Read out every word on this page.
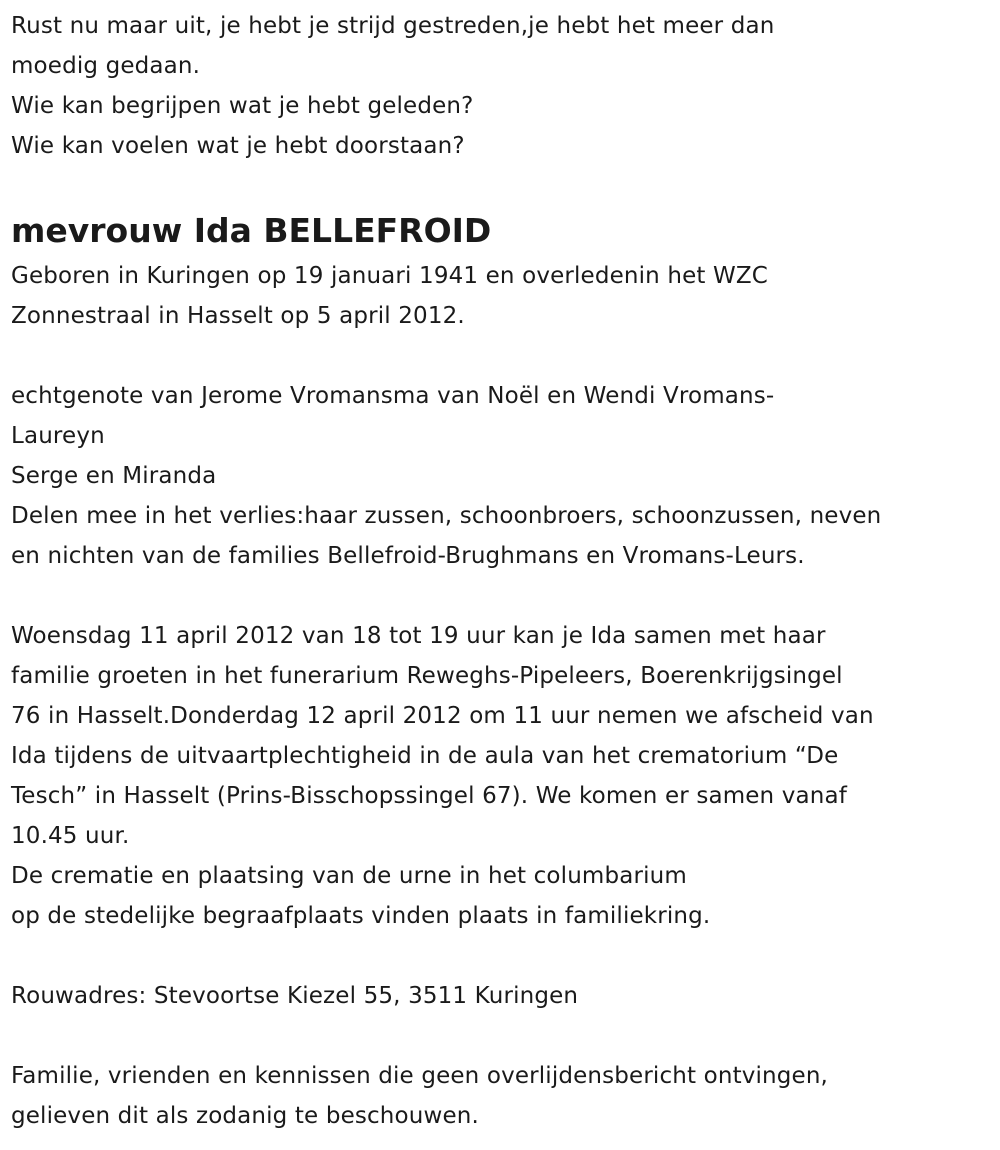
Rust nu maar uit, je hebt je strijd gestreden,je hebt het meer dan
moedig gedaan.
Wie kan begrijpen wat je hebt geleden?
Wie kan voelen wat je hebt doorstaan?
mevrouw Ida BELLEFROID
Geboren in Kuringen op 19 januari 1941 en overledenin het WZC
Zonnestraal in Hasselt op 5 april 2012.
echtgenote van Jerome Vromansma van Noël en Wendi Vromans-
Laureyn
Serge en Miranda
Delen mee in het verlies:haar zussen, schoonbroers, schoonzussen, neven
en nichten van de families Bellefroid-Brughmans en Vromans-Leurs.
Woensdag 11 april 2012 van 18 tot 19 uur kan je Ida samen met haar
familie groeten in het funerarium Reweghs-Pipeleers, Boerenkrijgsingel
76 in Hasselt.Donderdag 12 april 2012 om 11 uur nemen we afscheid van
Ida tijdens de uitvaartplechtigheid in de aula van het crematorium “De
Tesch” in Hasselt (Prins-Bisschopssingel 67). We komen er samen vanaf
10.45 uur.
De crematie en plaatsing van de urne in het columbarium
op de stedelijke begraafplaats vinden plaats in familiekring.
Rouwadres: Stevoortse Kiezel 55, 3511 Kuringen
Familie, vrienden en kennissen die geen overlijdensbericht ontvingen,
gelieven dit als zodanig te beschouwen.
